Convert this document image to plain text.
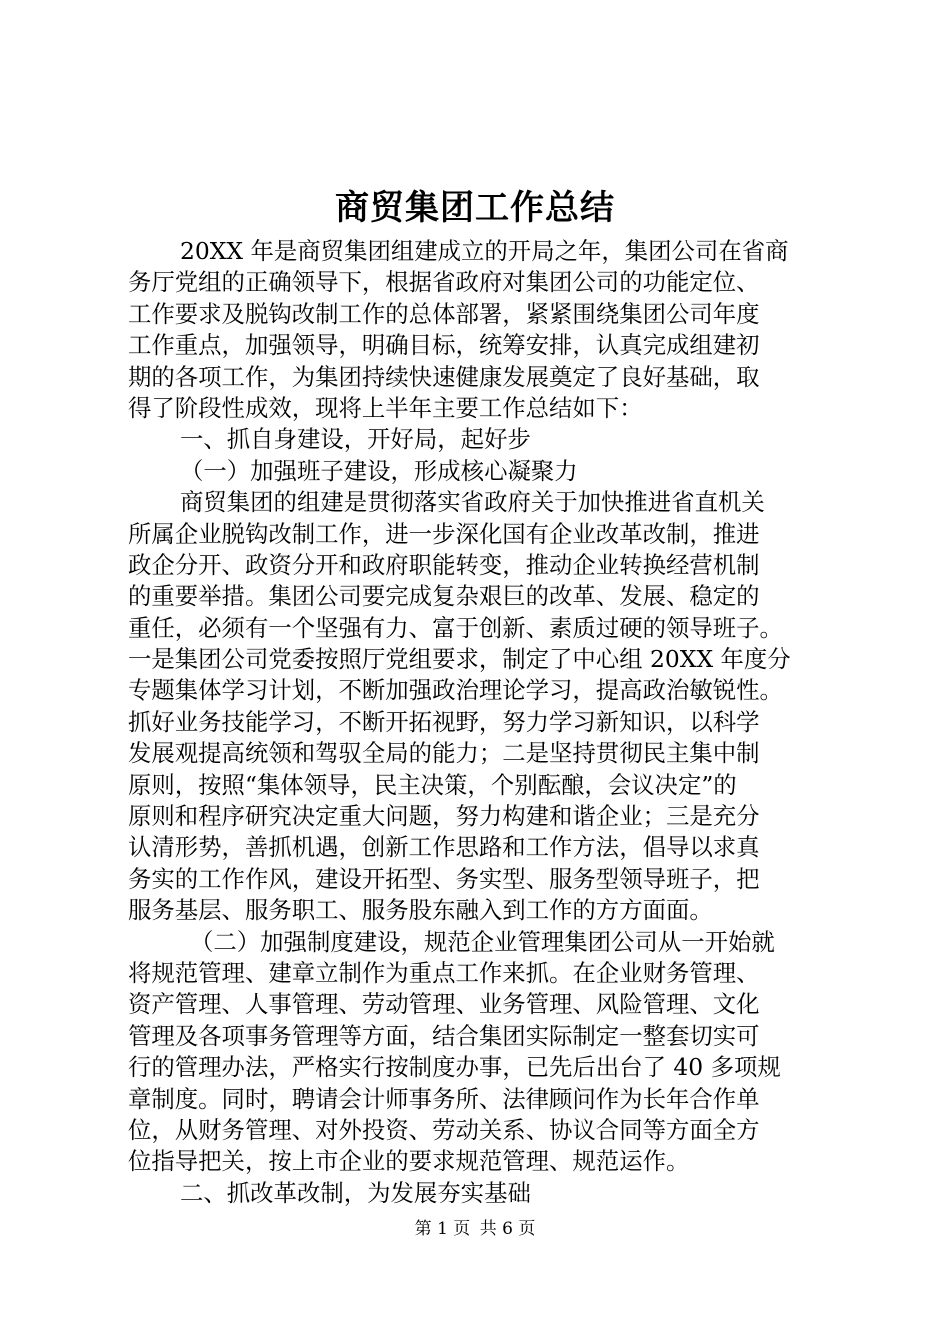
商贸集团工作总结
20XX 年是商贸集团组建成立的开局之年，集团公司在省商
务厅党组的正确领导下，根据省政府对集团公司的功能定位、
工作要求及脱钩改制工作的总体部署，紧紧围绕集团公司年度
工作重点，加强领导，明确目标，统筹安排，认真完成组建初
期的各项工作，为集团持续快速健康发展奠定了良好基础，取
得了阶段性成效，现将上半年主要工作总结如下：
一、抓自身建设，开好局，起好步
（一）加强班子建设，形成核心凝聚力
商贸集团的组建是贯彻落实省政府关于加快推进省直机关
所属企业脱钩改制工作，进一步深化国有企业改革改制，推进
政企分开、政资分开和政府职能转变，推动企业转换经营机制
的重要举措。集团公司要完成复杂艰巨的改革、发展、稳定的
重任，必须有一个坚强有力、富于创新、素质过硬的领导班子。
一是集团公司党委按照厅党组要求，制定了中心组 20XX 年度分
专题集体学习计划，不断加强政治理论学习，提高政治敏锐性。
抓好业务技能学习，不断开拓视野，努力学习新知识，以科学
发展观提高统领和驾驭全局的能力；二是坚持贯彻民主集中制
原则，按照“集体领导，民主决策，个别酝酿，会议决定”的
原则和程序研究决定重大问题，努力构建和谐企业；三是充分
认清形势，善抓机遇，创新工作思路和工作方法，倡导以求真
务实的工作作风，建设开拓型、务实型、服务型领导班子，把
服务基层、服务职工、服务股东融入到工作的方方面面。
（二）加强制度建设，规范企业管理集团公司从一开始就
将规范管理、建章立制作为重点工作来抓。在企业财务管理、
资产管理、人事管理、劳动管理、业务管理、风险管理、文化
管理及各项事务管理等方面，结合集团实际制定一整套切实可
行的管理办法，严格实行按制度办事，已先后出台了 40 多项规
章制度。同时，聘请会计师事务所、法律顾问作为长年合作单
位，从财务管理、对外投资、劳动关系、协议合同等方面全方
位指导把关，按上市企业的要求规范管理、规范运作。
二、抓改革改制，为发展夯实基础
第 1 页 共 6 页
